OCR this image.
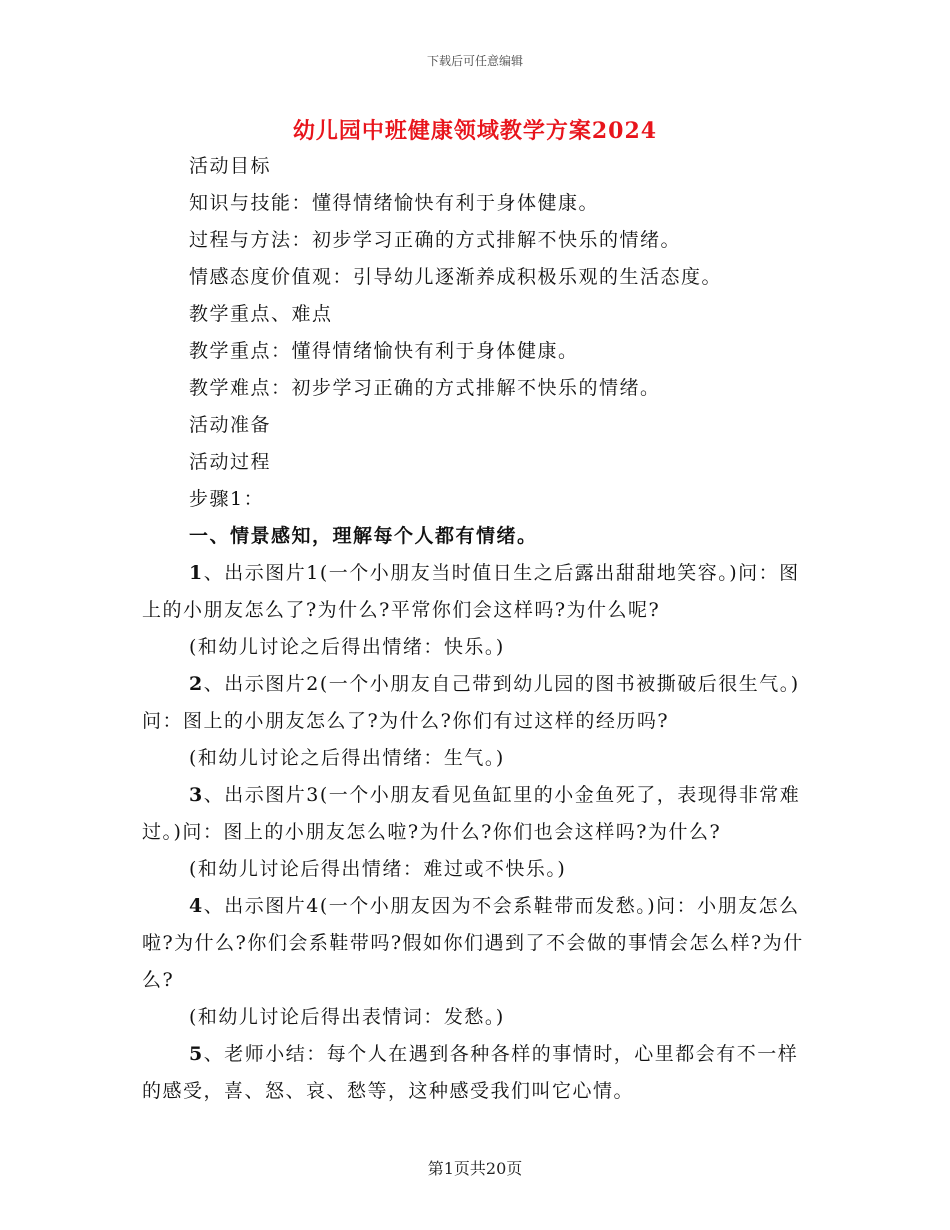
下载后可任意编辑
幼儿园中班健康领域教学方案2024

活动目标

知识与技能：懂得情绪愉快有利于身体健康。

过程与方法：初步学习正确的方式排解不快乐的情绪。

情感态度价值观：引导幼儿逐渐养成积极乐观的生活态度。

教学重点、难点

教学重点：懂得情绪愉快有利于身体健康。

教学难点：初步学习正确的方式排解不快乐的情绪。

活动准备

活动过程

步骤1：

一、情景感知，理解每个人都有情绪。

1、出示图片1(一个小朋友当时值日生之后露出甜甜地笑容。)问：图上的小朋友怎么了?为什么?平常你们会这样吗?为什么呢?

(和幼儿讨论之后得出情绪：快乐。)

2、出示图片2(一个小朋友自己带到幼儿园的图书被撕破后很生气。)问：图上的小朋友怎么了?为什么?你们有过这样的经历吗?

(和幼儿讨论之后得出情绪：生气。)

3、出示图片3(一个小朋友看见鱼缸里的小金鱼死了，表现得非常难过。)问：图上的小朋友怎么啦?为什么?你们也会这样吗?为什么?

(和幼儿讨论后得出情绪：难过或不快乐。)

4、出示图片4(一个小朋友因为不会系鞋带而发愁。)问：小朋友怎么啦?为什么?你们会系鞋带吗?假如你们遇到了不会做的事情会怎么样?为什么?

(和幼儿讨论后得出表情词：发愁。)

5、老师小结：每个人在遇到各种各样的事情时，心里都会有不一样的感受，喜、怒、哀、愁等，这种感受我们叫它心情。

第1页共20页
